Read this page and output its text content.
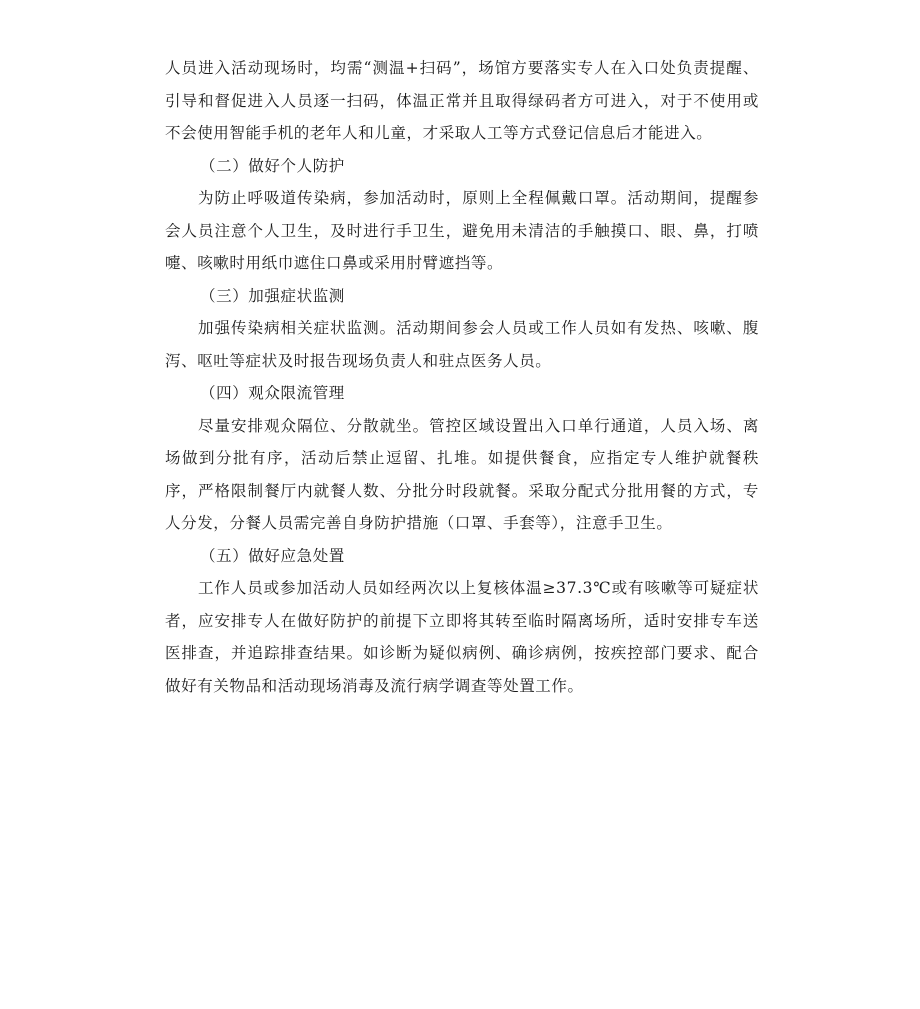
人员进入活动现场时，均需“测温+扫码”，场馆方要落实专人在入口处负责提醒、引导和督促进入人员逐一扫码，体温正常并且取得绿码者方可进入，对于不使用或不会使用智能手机的老年人和儿童，才采取人工等方式登记信息后才能进入。

（二）做好个人防护

为防止呼吸道传染病，参加活动时，原则上全程佩戴口罩。活动期间，提醒参会人员注意个人卫生，及时进行手卫生，避免用未清洁的手触摸口、眼、鼻，打喷嚏、咳嗽时用纸巾遮住口鼻或采用肘臂遮挡等。

（三）加强症状监测

加强传染病相关症状监测。活动期间参会人员或工作人员如有发热、咳嗽、腹泻、呕吐等症状及时报告现场负责人和驻点医务人员。

（四）观众限流管理

尽量安排观众隔位、分散就坐。管控区域设置出入口单行通道，人员入场、离场做到分批有序，活动后禁止逗留、扎堆。如提供餐食，应指定专人维护就餐秩序，严格限制餐厅内就餐人数、分批分时段就餐。采取分配式分批用餐的方式，专人分发，分餐人员需完善自身防护措施（口罩、手套等），注意手卫生。

（五）做好应急处置

工作人员或参加活动人员如经两次以上复核体温≥37.3℃或有咳嗽等可疑症状者，应安排专人在做好防护的前提下立即将其转至临时隔离场所，适时安排专车送医排查，并追踪排查结果。如诊断为疑似病例、确诊病例，按疾控部门要求、配合做好有关物品和活动现场消毒及流行病学调查等处置工作。
